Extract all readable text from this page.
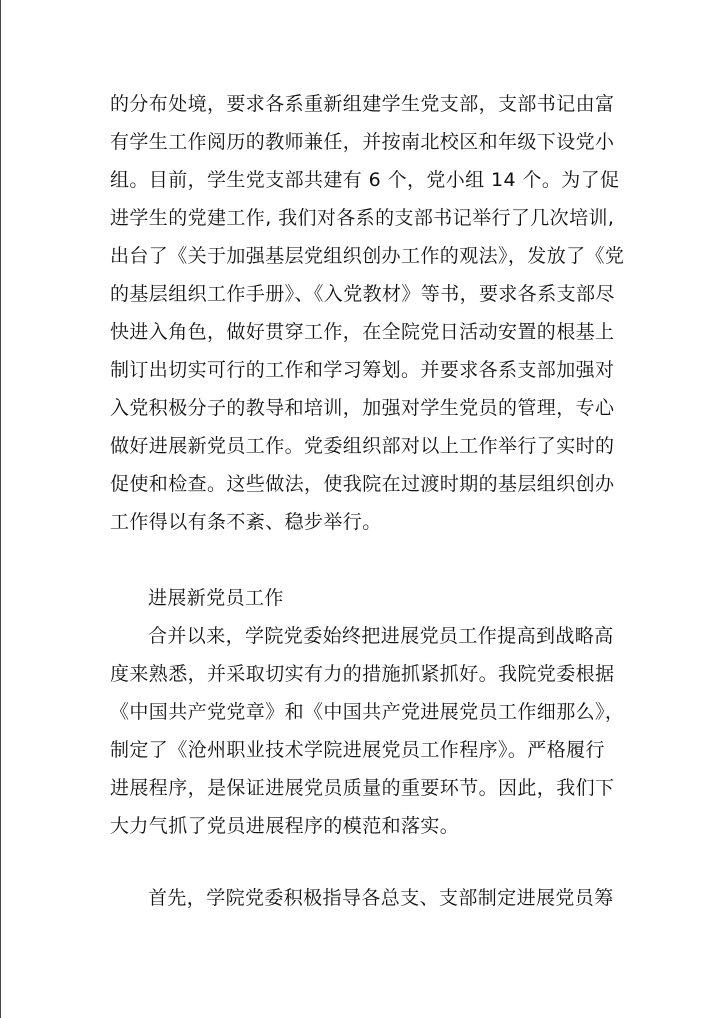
的分布处境，要求各系重新组建学生党支部，支部书记由富
有学生工作阅历的教师兼任，并按南北校区和年级下设党小
组。目前，学生党支部共建有 6 个，党小组 14 个。为了促
进学生的党建工作, 我们对各系的支部书记举行了几次培训,
出台了《关于加强基层党组织创办工作的观法》，发放了《党
的基层组织工作手册》、《入党教材》等书，要求各系支部尽
快进入角色，做好贯穿工作，在全院党日活动安置的根基上
制订出切实可行的工作和学习筹划。并要求各系支部加强对
入党积极分子的教导和培训，加强对学生党员的管理，专心
做好进展新党员工作。党委组织部对以上工作举行了实时的
促使和检查。这些做法，使我院在过渡时期的基层组织创办
工作得以有条不紊、稳步举行。
进展新党员工作
合并以来，学院党委始终把进展党员工作提高到战略高
度来熟悉，并采取切实有力的措施抓紧抓好。我院党委根据
《中国共产党党章》和《中国共产党进展党员工作细那么》，
制定了《沧州职业技术学院进展党员工作程序》。严格履行
进展程序，是保证进展党员质量的重要环节。因此，我们下
大力气抓了党员进展程序的模范和落实。
首先，学院党委积极指导各总支、支部制定进展党员筹
